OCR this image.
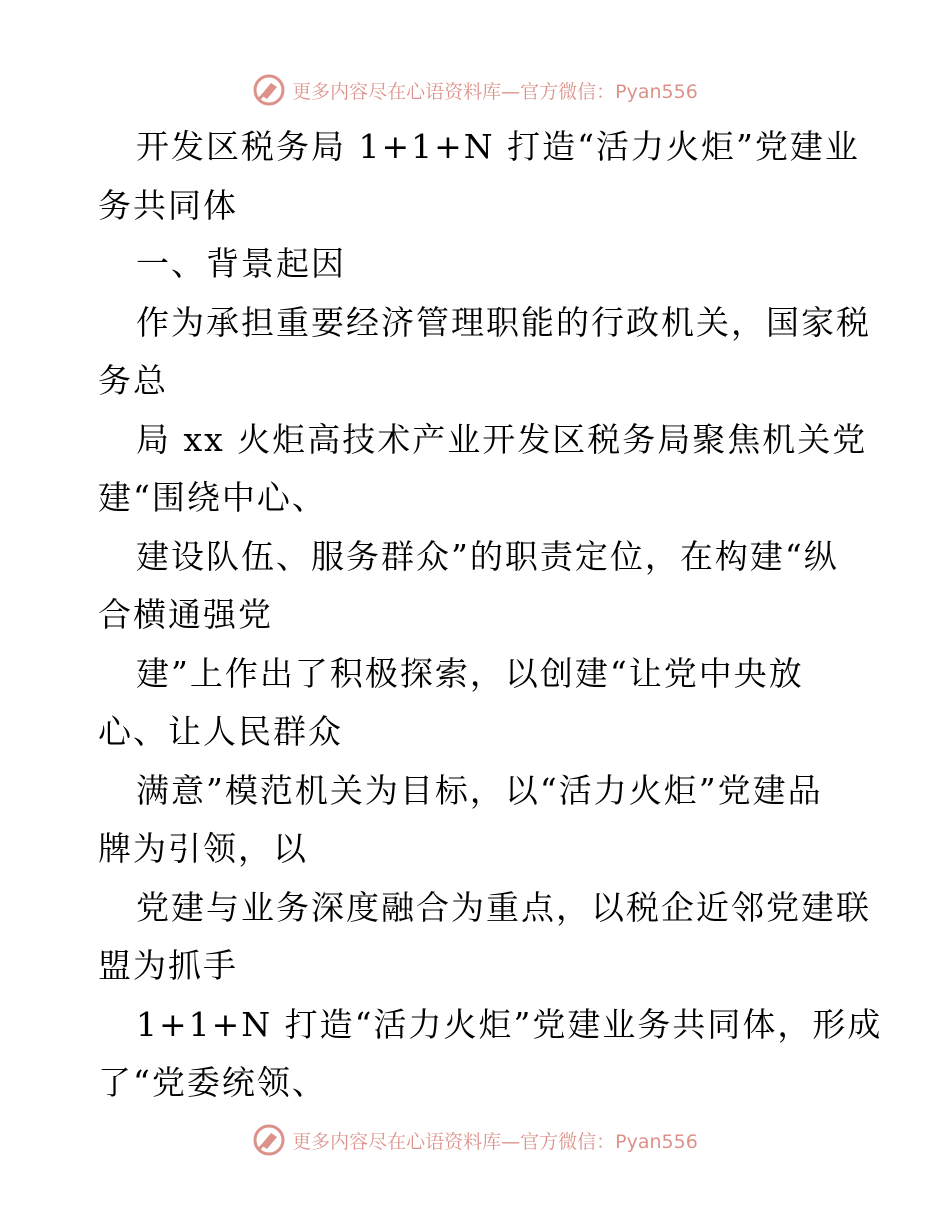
更多内容尽在心语资料库—官方微信：Pyan556
开发区税务局 1+1+N 打造“活力火炬”党建业
务共同体
一、背景起因
作为承担重要经济管理职能的行政机关，国家税
务总
局 xx 火炬高技术产业开发区税务局聚焦机关党
建“围绕中心、
建设队伍、服务群众”的职责定位，在构建“纵
合横通强党
建”上作出了积极探索，以创建“让党中央放
心、让人民群众
满意”模范机关为目标，以“活力火炬”党建品
牌为引领，以
党建与业务深度融合为重点，以税企近邻党建联
盟为抓手
1+1+N 打造“活力火炬”党建业务共同体，形成
了“党委统领、
更多内容尽在心语资料库—官方微信：Pyan556
